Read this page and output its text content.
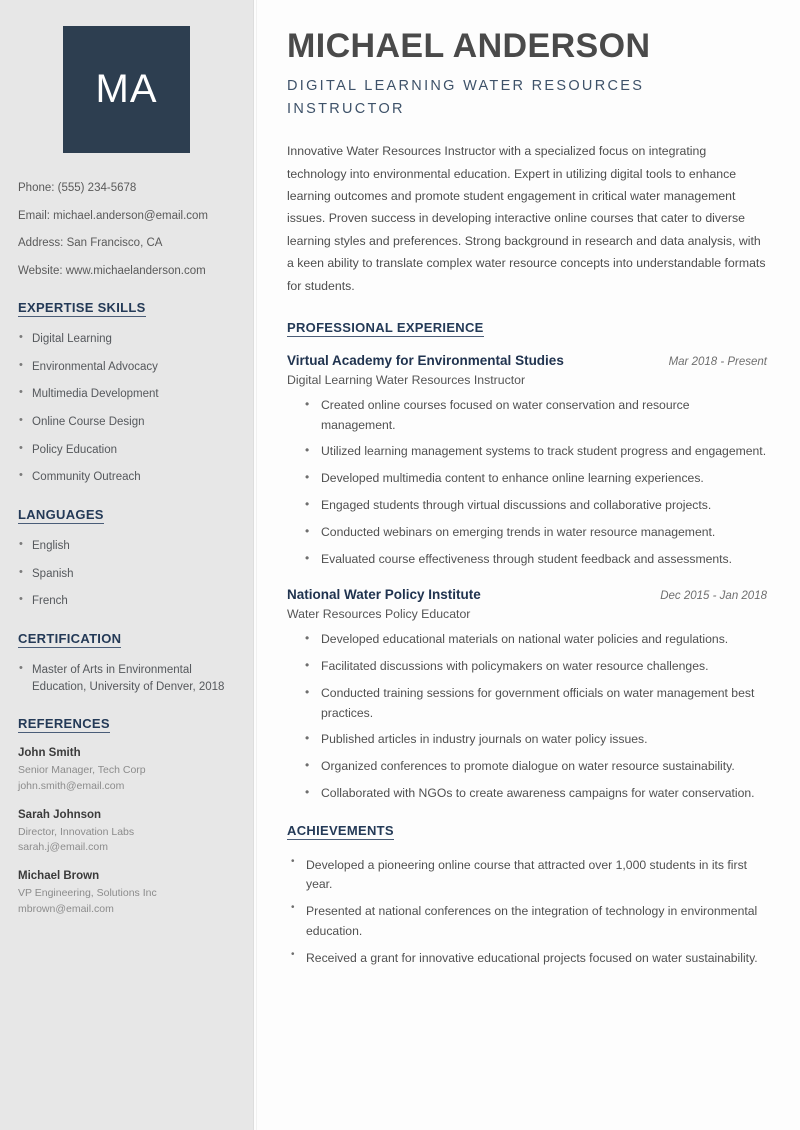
MA
Phone: (555) 234-5678
Email: michael.anderson@email.com
Address: San Francisco, CA
Website: www.michaelanderson.com
EXPERTISE SKILLS
• Digital Learning
• Environmental Advocacy
• Multimedia Development
• Online Course Design
• Policy Education
• Community Outreach
LANGUAGES
• English
• Spanish
• French
CERTIFICATION
• Master of Arts in Environmental Education, University of Denver, 2018
REFERENCES
John Smith
Senior Manager, Tech Corp
john.smith@email.com
Sarah Johnson
Director, Innovation Labs
sarah.j@email.com
Michael Brown
VP Engineering, Solutions Inc
mbrown@email.com
MICHAEL ANDERSON
DIGITAL LEARNING WATER RESOURCES INSTRUCTOR

Innovative Water Resources Instructor with a specialized focus on integrating technology into environmental education. Expert in utilizing digital tools to enhance learning outcomes and promote student engagement in critical water management issues. Proven success in developing interactive online courses that cater to diverse learning styles and preferences. Strong background in research and data analysis, with a keen ability to translate complex water resource concepts into understandable formats for students.

PROFESSIONAL EXPERIENCE
Virtual Academy for Environmental Studies	Mar 2018 - Present
Digital Learning Water Resources Instructor
• Created online courses focused on water conservation and resource management.
• Utilized learning management systems to track student progress and engagement.
• Developed multimedia content to enhance online learning experiences.
• Engaged students through virtual discussions and collaborative projects.
• Conducted webinars on emerging trends in water resource management.
• Evaluated course effectiveness through student feedback and assessments.
National Water Policy Institute	Dec 2015 - Jan 2018
Water Resources Policy Educator
• Developed educational materials on national water policies and regulations.
• Facilitated discussions with policymakers on water resource challenges.
• Conducted training sessions for government officials on water management best practices.
• Published articles in industry journals on water policy issues.
• Organized conferences to promote dialogue on water resource sustainability.
• Collaborated with NGOs to create awareness campaigns for water conservation.
ACHIEVEMENTS
• Developed a pioneering online course that attracted over 1,000 students in its first year.
• Presented at national conferences on the integration of technology in environmental education.
• Received a grant for innovative educational projects focused on water sustainability.
